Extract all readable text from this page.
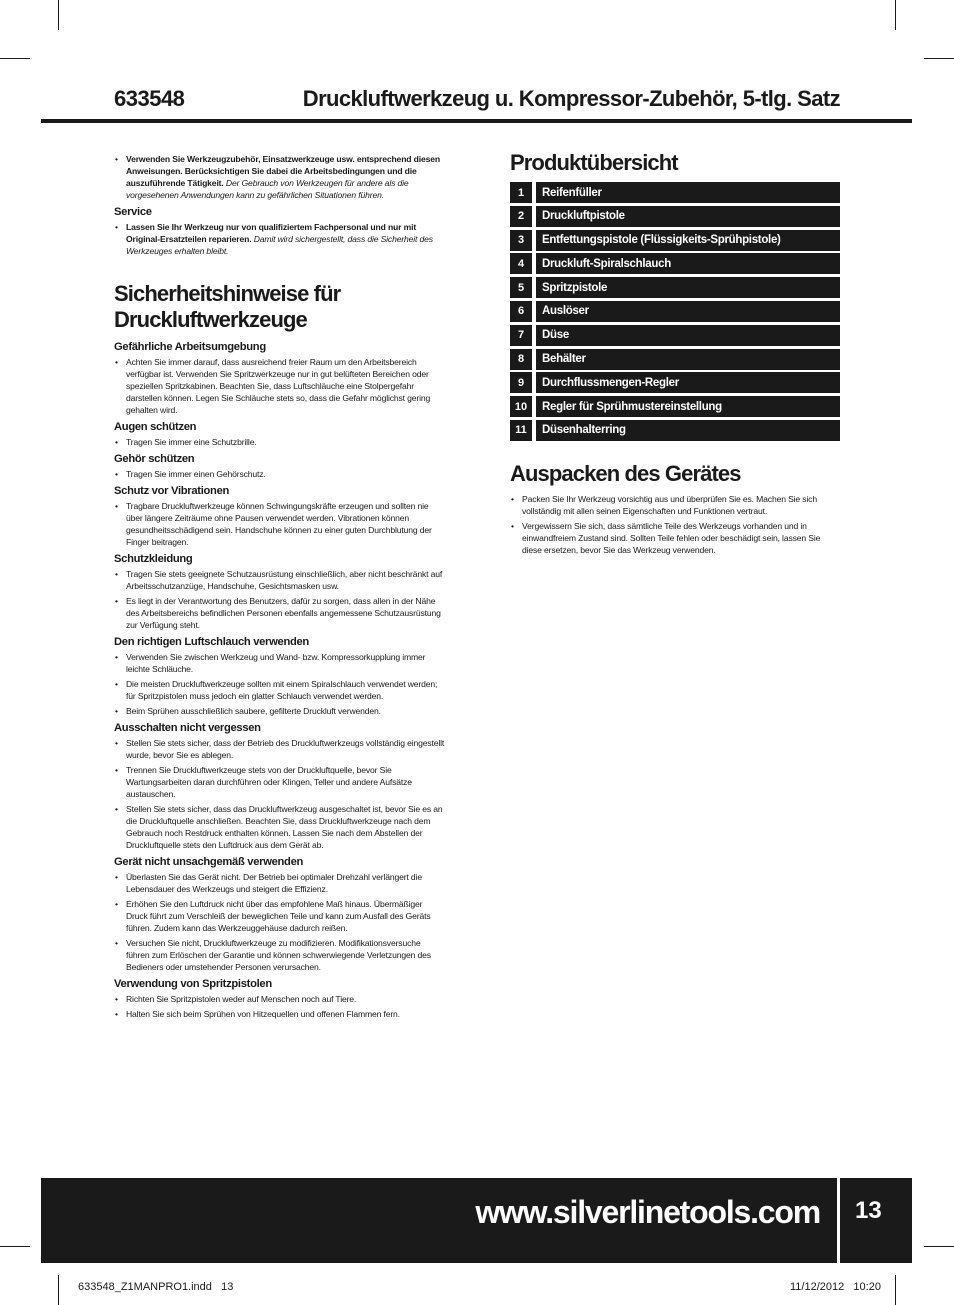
633548	Druckluftwerkzeug u. Kompressor-Zubehör, 5-tlg. Satz
• Verwenden Sie Werkzeugzubehör, Einsatzwerkzeuge usw. entsprechend diesen Anweisungen. Berücksichtigen Sie dabei die Arbeitsbedingungen und die auszuführende Tätigkeit. Der Gebrauch von Werkzeugen für andere als die vorgesehenen Anwendungen kann zu gefährlichen Situationen führen.
Service
• Lassen Sie Ihr Werkzeug nur von qualifiziertem Fachpersonal und nur mit Original-Ersatzteilen reparieren. Damit wird sichergestellt, dass die Sicherheit des Werkzeuges erhalten bleibt.
Sicherheitshinweise für Druckluftwerkzeuge
Gefährliche Arbeitsumgebung
• Achten Sie immer darauf, dass ausreichend freier Raum um den Arbeitsbereich verfügbar ist. Verwenden Sie Spritzwerkzeuge nur in gut belüfteten Bereichen oder speziellen Spritzkabinen. Beachten Sie, dass Luftschläuche eine Stolpergefahr darstellen können. Legen Sie Schläuche stets so, dass die Gefahr möglichst gering gehalten wird.
Augen schützen
• Tragen Sie immer eine Schutzbrille.
Gehör schützen
• Tragen Sie immer einen Gehörschutz.
Schutz vor Vibrationen
• Tragbare Druckluftwerkzeuge können Schwingungskräfte erzeugen und sollten nie über längere Zeiträume ohne Pausen verwendet werden. Vibrationen können gesundheitsschädigend sein. Handschuhe können zu einer guten Durchblutung der Finger beitragen.
Schutzkleidung
• Tragen Sie stets geeignete Schutzausrüstung einschließlich, aber nicht beschränkt auf Arbeitsschutzanzüge, Handschuhe, Gesichtsmasken usw.
• Es liegt in der Verantwortung des Benutzers, dafür zu sorgen, dass allen in der Nähe des Arbeitsbereichs befindlichen Personen ebenfalls angemessene Schutzausrüstung zur Verfügung steht.
Den richtigen Luftschlauch verwenden
• Verwenden Sie zwischen Werkzeug und Wand- bzw. Kompressorkupplung immer leichte Schläuche.
• Die meisten Druckluftwerkzeuge sollten mit einem Spiralschlauch verwendet werden; für Spritzpistolen muss jedoch ein glatter Schlauch verwendet werden.
• Beim Sprühen ausschließlich saubere, gefilterte Druckluft verwenden.
Ausschalten nicht vergessen
• Stellen Sie stets sicher, dass der Betrieb des Druckluftwerkzeugs vollständig eingestellt wurde, bevor Sie es ablegen.
• Trennen Sie Druckluftwerkzeuge stets von der Druckluftquelle, bevor Sie Wartungsarbeiten daran durchführen oder Klingen, Teller und andere Aufsätze austauschen.
• Stellen Sie stets sicher, dass das Druckluftwerkzeug ausgeschaltet ist, bevor Sie es an die Druckluftquelle anschließen. Beachten Sie, dass Druckluftwerkzeuge nach dem Gebrauch noch Restdruck enthalten können. Lassen Sie nach dem Abstellen der Druckluftquelle stets den Luftdruck aus dem Gerät ab.
Gerät nicht unsachgemäß verwenden
• Überlasten Sie das Gerät nicht. Der Betrieb bei optimaler Drehzahl verlängert die Lebensdauer des Werkzeugs und steigert die Effizienz.
• Erhöhen Sie den Luftdruck nicht über das empfohlene Maß hinaus. Übermäßiger Druck führt zum Verschleiß der beweglichen Teile und kann zum Ausfall des Geräts führen. Zudem kann das Werkzeuggehäuse dadurch reißen.
• Versuchen Sie nicht, Druckluftwerkzeuge zu modifizieren. Modifikationsversuche führen zum Erlöschen der Garantie und können schwerwiegende Verletzungen des Bedieners oder umstehender Personen verursachen.
Verwendung von Spritzpistolen
• Richten Sie Spritzpistolen weder auf Menschen noch auf Tiere.
• Halten Sie sich beim Sprühen von Hitzequellen und offenen Flammen fern.
Produktübersicht
1	Reifenfüller
2	Druckluftpistole
3	Entfettungspistole (Flüssigkeits-Sprühpistole)
4	Druckluft-Spiralschlauch
5	Spritzpistole
6	Auslöser
7	Düse
8	Behälter
9	Durchflussmengen-Regler
10	Regler für Sprühmustereinstellung
11	Düsenhalterring
Auspacken des Gerätes
• Packen Sie Ihr Werkzeug vorsichtig aus und überprüfen Sie es. Machen Sie sich vollständig mit allen seinen Eigenschaften und Funktionen vertraut.
• Vergewissern Sie sich, dass sämtliche Teile des Werkzeugs vorhanden und in einwandfreiem Zustand sind. Sollten Teile fehlen oder beschädigt sein, lassen Sie diese ersetzen, bevor Sie das Werkzeug verwenden.
www.silverlinetools.com 13
633548_Z1MANPRO1.indd   13	11/12/2012   10:20
